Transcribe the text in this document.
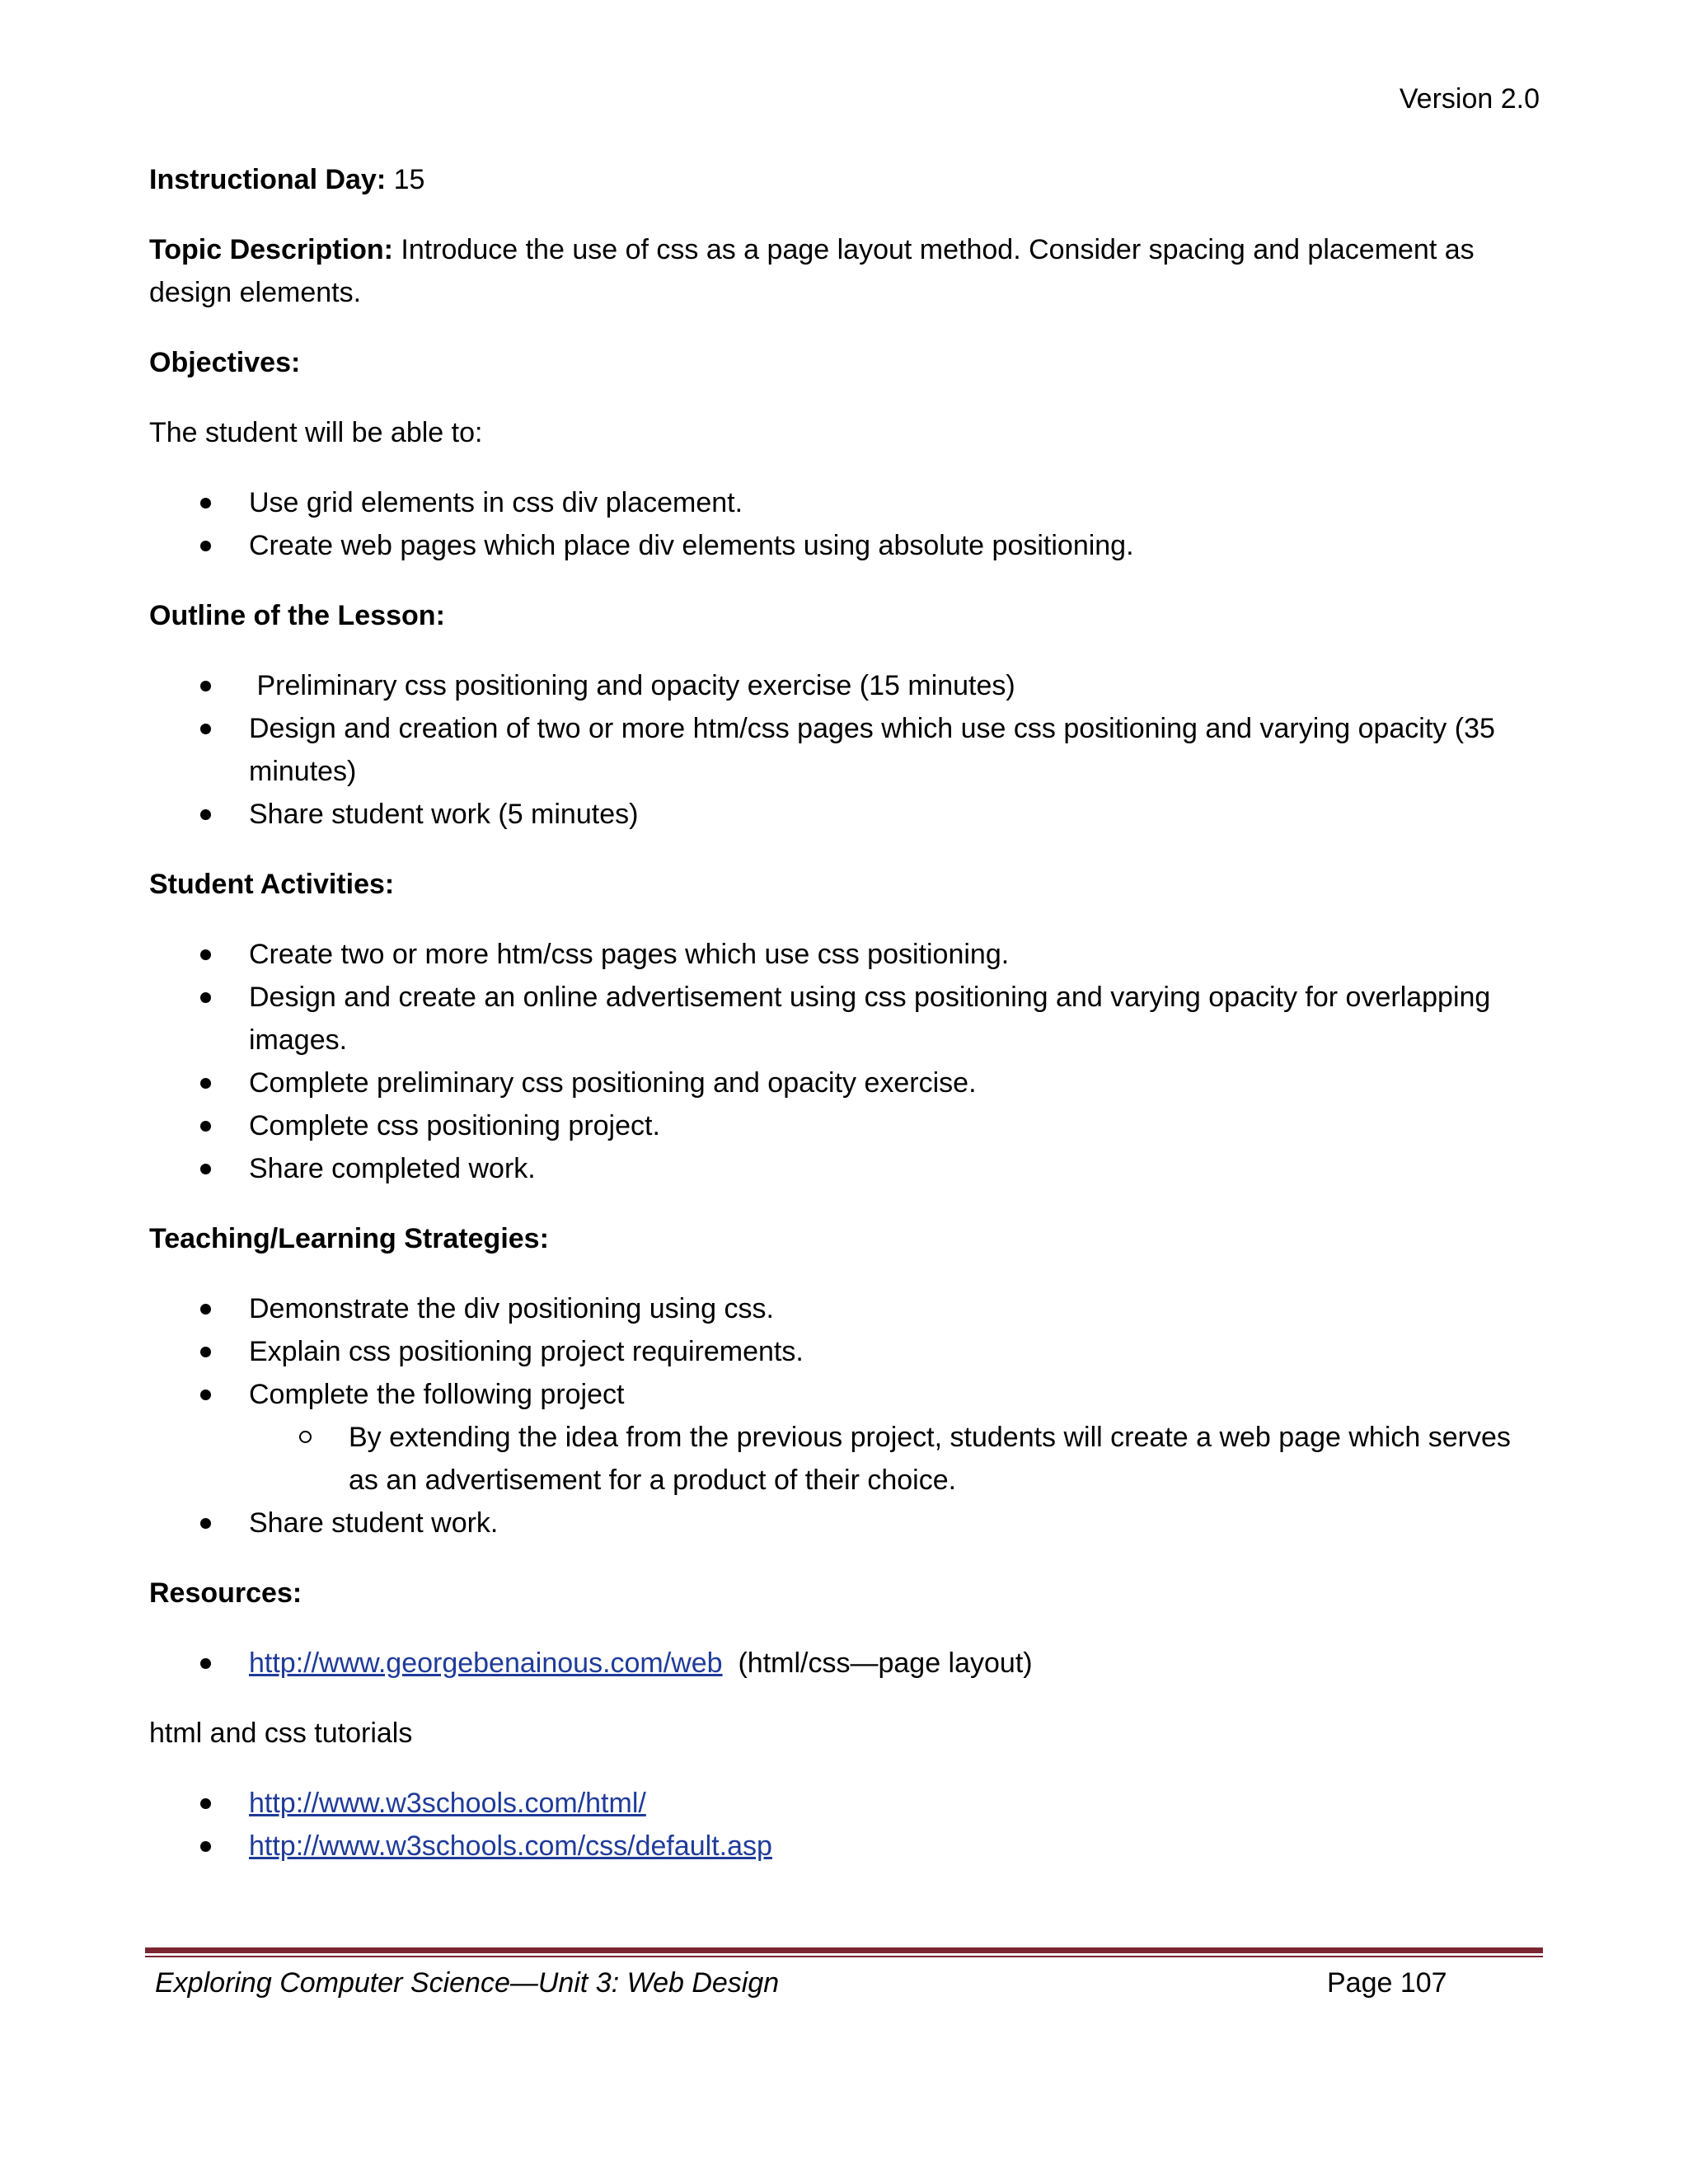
Version 2.0

Instructional Day: 15

Topic Description: Introduce the use of css as a page layout method. Consider spacing and placement as design elements.

Objectives:

The student will be able to:

Use grid elements in css div placement.
Create web pages which place div elements using absolute positioning.

Outline of the Lesson:

Preliminary css positioning and opacity exercise (15 minutes)
Design and creation of two or more htm/css pages which use css positioning and varying opacity (35 minutes)
Share student work (5 minutes)

Student Activities:

Create two or more htm/css pages which use css positioning.
Design and create an online advertisement using css positioning and varying opacity for overlapping images.
Complete preliminary css positioning and opacity exercise.
Complete css positioning project.
Share completed work.

Teaching/Learning Strategies:

Demonstrate the div positioning using css.
Explain css positioning project requirements.
Complete the following project
By extending the idea from the previous project, students will create a web page which serves as an advertisement for a product of their choice.
Share student work.

Resources:

http://www.georgebenainous.com/web  (html/css—page layout)

html and css tutorials

http://www.w3schools.com/html/
http://www.w3schools.com/css/default.asp
Exploring Computer Science—Unit 3: Web Design	Page 107
